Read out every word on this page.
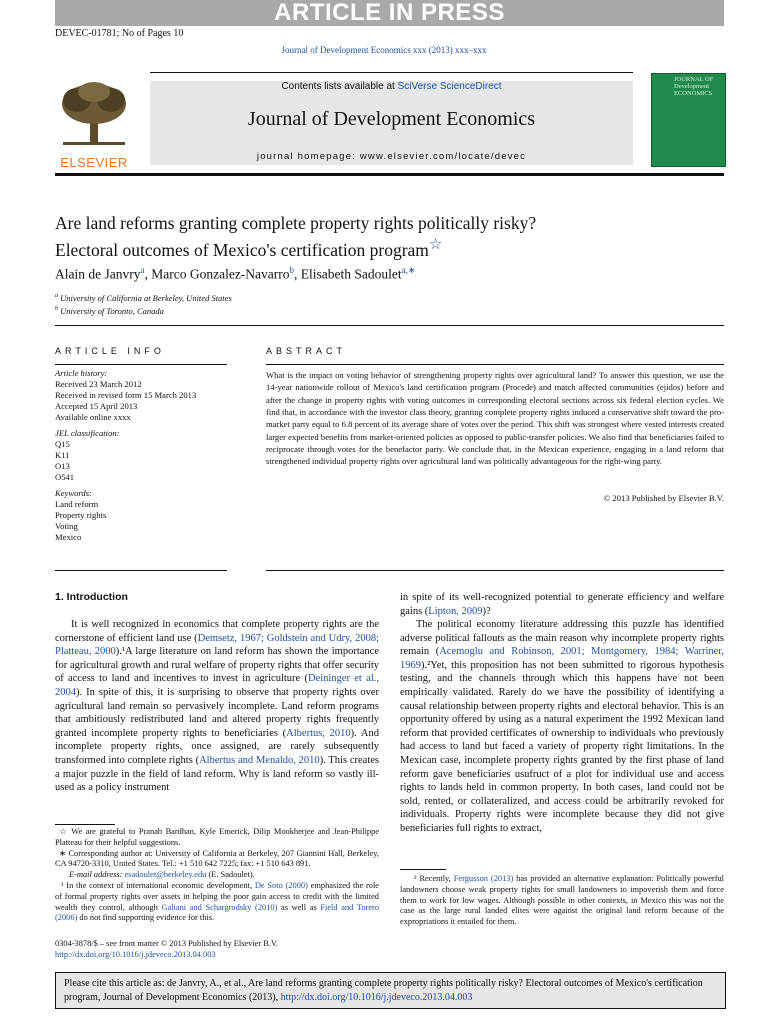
ARTICLE IN PRESS
DEVEC-01781; No of Pages 10
Journal of Development Economics xxx (2013) xxx–xxx
ELSEVIER
Contents lists available at SciVerse ScienceDirect
Journal of Development Economics
journal homepage: www.elsevier.com/locate/devec
JOURNAL OF Development ECONOMICS
Are land reforms granting complete property rights politically risky?
Electoral outcomes of Mexico's certification program☆
Alain de Janvry$^a$, Marco Gonzalez-Navarro$^b$, Elisabeth Sadoulet$^{a,∗}$
$^a$ University of California at Berkeley, United States
$^b$ University of Toronto, Canada
ARTICLE INFO
Article history:
Received 23 March 2012
Received in revised form 15 March 2013
Accepted 15 April 2013
Available online xxxx
JEL classification:
Q15
K11
O13
O541
Keywords:
Land reform
Property rights
Voting
Mexico
ABSTRACT
What is the impact on voting behavior of strengthening property rights over agricultural land? To answer this question, we use the 14-year nationwide rollout of Mexico's land certification program (Procede) and match affected communities (ejidos) before and after the change in property rights with voting outcomes in corresponding electoral sections across six federal election cycles. We find that, in accordance with the investor class theory, granting complete property rights induced a conservative shift toward the pro-market party equal to 6.8 percent of its average share of votes over the period. This shift was strongest where vested interests created larger expected benefits from market-oriented policies as opposed to public-transfer policies. We also find that beneficiaries failed to reciprocate through votes for the benefactor party. We conclude that, in the Mexican experience, engaging in a land reform that strengthened individual property rights over agricultural land was politically advantageous for the right-wing party.
© 2013 Published by Elsevier B.V.
1. Introduction
It is well recognized in economics that complete property rights are the cornerstone of efficient land use (Demsetz, 1967; Goldstein and Udry, 2008; Platteau, 2000).¹A large literature on land reform has shown the importance for agricultural growth and rural welfare of property rights that offer security of access to land and incentives to invest in agriculture (Deininger et al., 2004). In spite of this, it is surprising to observe that property rights over agricultural land remain so pervasively incomplete. Land reform programs that ambitiously redistributed land and altered property rights frequently granted incomplete property rights to beneficiaries (Albertus, 2010). And incomplete property rights, once assigned, are rarely subsequently transformed into complete rights (Albertus and Menaldo, 2010). This creates a major puzzle in the field of land reform. Why is land reform so vastly ill-used as a policy instrument
in spite of its well-recognized potential to generate efficiency and welfare gains (Lipton, 2009)?
The political economy literature addressing this puzzle has identified adverse political fallouts as the main reason why incomplete property rights remain (Acemoglu and Robinson, 2001; Montgomery, 1984; Warriner, 1969).²Yet, this proposition has not been submitted to rigorous hypothesis testing, and the channels through which this happens have not been empirically validated. Rarely do we have the possibility of identifying a causal relationship between property rights and electoral behavior. This is an opportunity offered by using as a natural experiment the 1992 Mexican land reform that provided certificates of ownership to individuals who previously had access to land but faced a variety of property right limitations. In the Mexican case, incomplete property rights granted by the first phase of land reform gave beneficiaries usufruct of a plot for individual use and access rights to lands held in common property. In both cases, land could not be sold, rented, or collateralized, and access could be arbitrarily revoked for individuals. Property rights were incomplete because they did not give beneficiaries full rights to extract,
☆ We are grateful to Pranab Bardhan, Kyle Emerick, Dilip Mookherjee and Jean-Philippe Platteau for their helpful suggestions.
∗ Corresponding author at: University of California at Berkeley, 207 Giannini Hall, Berkeley, CA 94720-3310, United States. Tel.: +1 510 642 7225; fax: +1 510 643 891.
E-mail address: esadoulet@berkeley.edu (E. Sadoulet).
¹ In the context of international economic development, De Soto (2000) emphasized the role of formal property rights over assets in helping the poor gain access to credit with the limited wealth they control, although Galiani and Schargrodsky (2010) as well as Field and Torero (2006) do not find supporting evidence for this.
² Recently, Fergusson (2013) has provided an alternative explanation: Politically powerful landowners choose weak property rights for small landowners to impoverish them and force them to work for low wages. Although possible in other contexts, in Mexico this was not the case as the large rural landed elites were against the original land reform because of the expropriations it entailed for them.
0304-3878/$ – see front matter © 2013 Published by Elsevier B.V.
http://dx.doi.org/10.1016/j.jdeveco.2013.04.003
Please cite this article as: de Janvry, A., et al., Are land reforms granting complete property rights politically risky? Electoral outcomes of Mexico's certification program, Journal of Development Economics (2013), http://dx.doi.org/10.1016/j.jdeveco.2013.04.003
